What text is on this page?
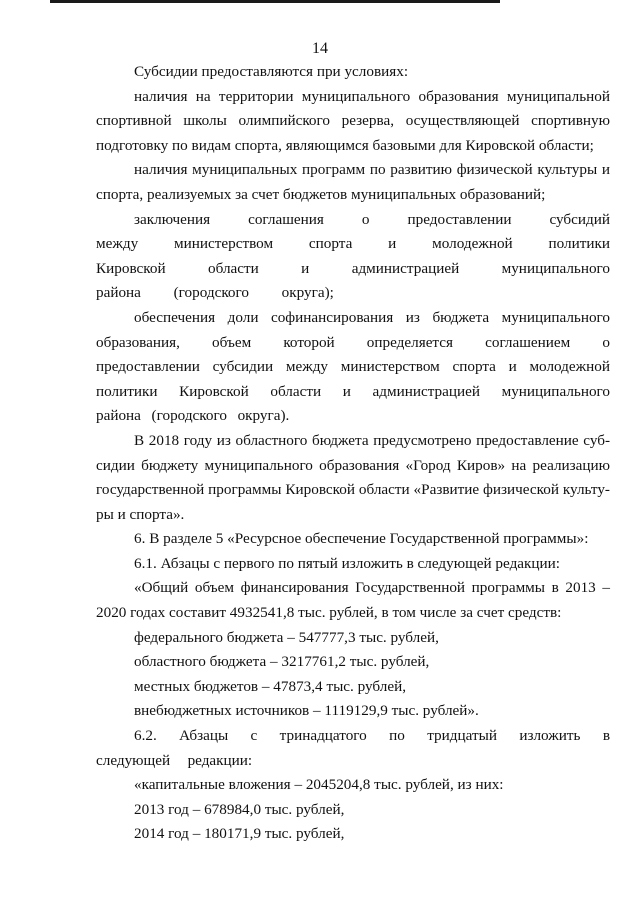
14

Субсидии предоставляются при условиях:

наличия на территории муниципального образования муниципальной спортивной школы олимпийского резерва, осуществляющей спортивную подготовку по видам спорта, являющимся базовыми для Кировской области;

наличия муниципальных программ по развитию физической культуры и спорта, реализуемых за счет бюджетов муниципальных образований;

заключения соглашения о предоставлении субсидий между министерством спорта и молодежной политики Кировской области и администрацией муниципального района (городского округа);

обеспечения доли софинансирования из бюджета муниципального образования, объем которой определяется соглашением о предоставлении субсидии между министерством спорта и молодежной политики Кировской области и администрацией муниципального района (городского округа).

В 2018 году из областного бюджета предусмотрено предоставление суб-сидии бюджету муниципального образования «Город Киров» на реализацию государственной программы Кировской области «Развитие физической культу-ры и спорта».

6. В разделе 5 «Ресурсное обеспечение Государственной программы»:

6.1. Абзацы с первого по пятый изложить в следующей редакции:

«Общий объем финансирования Государственной программы в 2013 – 2020 годах составит 4932541,8 тыс. рублей, в том числе за счет средств:

федерального бюджета – 547777,3 тыс. рублей,

областного бюджета – 3217761,2 тыс. рублей,

местных бюджетов – 47873,4 тыс. рублей,

внебюджетных источников – 1119129,9 тыс. рублей».

6.2. Абзацы с тринадцатого по тридцатый изложить в следующей редакции:

«капитальные вложения – 2045204,8 тыс. рублей, из них:

2013 год – 678984,0 тыс. рублей,

2014 год – 180171,9 тыс. рублей,
